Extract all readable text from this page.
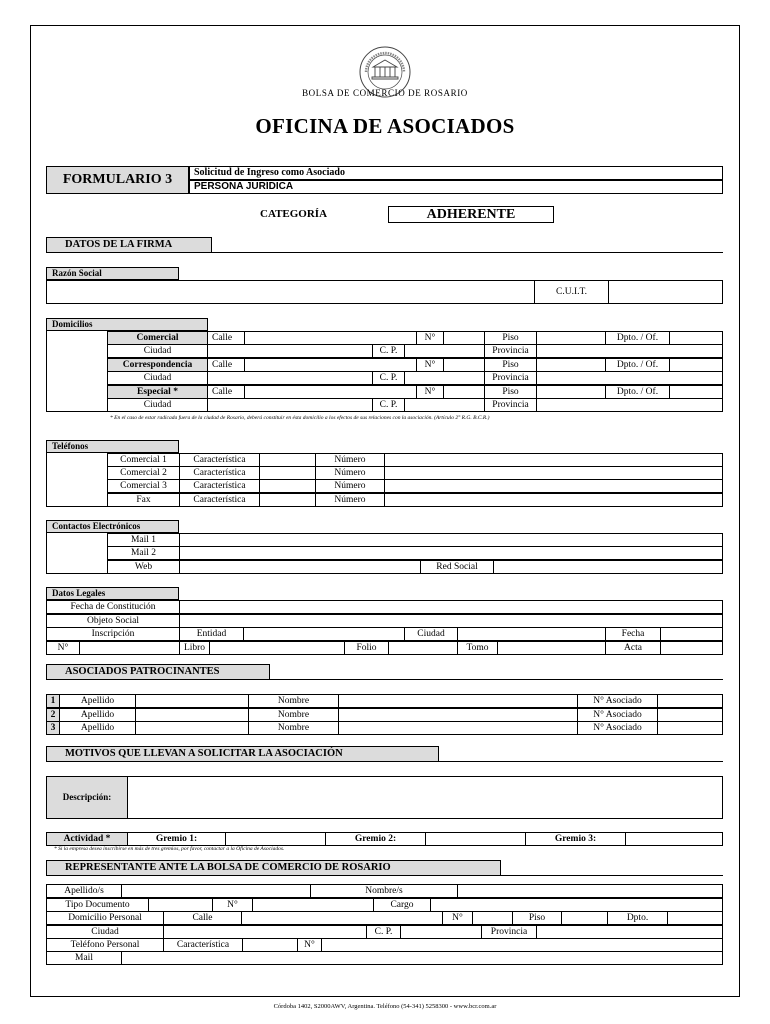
BOLSA DE COMERCIO DE ROSARIO
OFICINA DE ASOCIADOS
FORMULARIO 3	Solicitud de Ingreso como Asociado
PERSONA JURÍDICA
CATEGORÍA	ADHERENTE
DATOS DE LA FIRMA
Razón Social
C.U.I.T.
Domicilios
Comercial	Calle	N°	Piso	Dpto. / Of.
Ciudad	C. P.	Provincia
Correspondencia	Calle	N°	Piso	Dpto. / Of.
Ciudad	C. P.	Provincia
Especial *	Calle	N°	Piso	Dpto. / Of.
Ciudad	C. P.	Provincia
* En el caso de estar radicada fuera de la ciudad de Rosario, deberá constituir en ésta domicilio a los efectos de sus relaciones con la asociación. (Artículo 2° R.G. B.C.R.)
Teléfonos
Comercial 1	Característica	Número
Comercial 2	Característica	Número
Comercial 3	Característica	Número
Fax	Característica	Número
Contactos Electrónicos
Mail 1
Mail 2
Web	Red Social
Datos Legales
Fecha de Constitución
Objeto Social
Inscripción	Entidad	Ciudad	Fecha
N°	Libro	Folio	Tomo	Acta
ASOCIADOS PATROCINANTES
1	Apellido	Nombre	N° Asociado
2	Apellido	Nombre	N° Asociado
3	Apellido	Nombre	N° Asociado
MOTIVOS QUE LLEVAN A SOLICITAR LA ASOCIACIÓN
Descripción:
Actividad *	Gremio 1:	Gremio 2:	Gremio 3:
* Si la empresa desea inscribirse en más de tres gremios, por favor, contactar a la Oficina de Asociados.
REPRESENTANTE ANTE LA BOLSA DE COMERCIO DE ROSARIO
Apellido/s	Nombre/s
Tipo Documento	N°	Cargo
Domicilio Personal	Calle	N°	Piso	Dpto.
Ciudad	C. P.	Provincia
Teléfono Personal	Característica	N°
Mail
Córdoba 1402, S2000AWV, Argentina. Teléfono (54-341) 5258300 - www.bcr.com.ar
